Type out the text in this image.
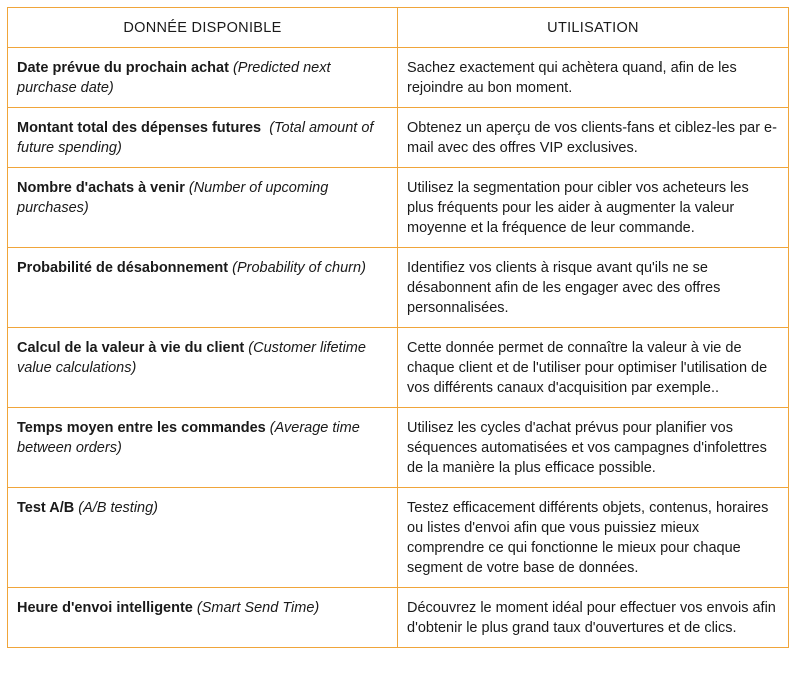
DONNÉE DISPONIBLE	UTILISATION
Date prévue du prochain achat (Predicted next purchase date)	Sachez exactement qui achètera quand, afin de les rejoindre au bon moment.
Montant total des dépenses futures (Total amount of future spending)	Obtenez un aperçu de vos clients-fans et ciblez-les par e-mail avec des offres VIP exclusives.
Nombre d'achats à venir (Number of upcoming purchases)	Utilisez la segmentation pour cibler vos acheteurs les plus fréquents pour les aider à augmenter la valeur moyenne et la fréquence de leur commande.
Probabilité de désabonnement (Probability of churn)	Identifiez vos clients à risque avant qu'ils ne se désabonnent afin de les engager avec des offres personnalisées.
Calcul de la valeur à vie du client (Customer lifetime value calculations)	Cette donnée permet de connaître la valeur à vie de chaque client et de l'utiliser pour optimiser l'utilisation de vos différents canaux d'acquisition par exemple..
Temps moyen entre les commandes (Average time between orders)	Utilisez les cycles d'achat prévus pour planifier vos séquences automatisées et vos campagnes d'infolettres de la manière la plus efficace possible.
Test A/B (A/B testing)	Testez efficacement différents objets, contenus, horaires ou listes d'envoi afin que vous puissiez mieux comprendre ce qui fonctionne le mieux pour chaque segment de votre base de données.
Heure d'envoi intelligente (Smart Send Time)	Découvrez le moment idéal pour effectuer vos envois afin d'obtenir le plus grand taux d'ouvertures et de clics.
